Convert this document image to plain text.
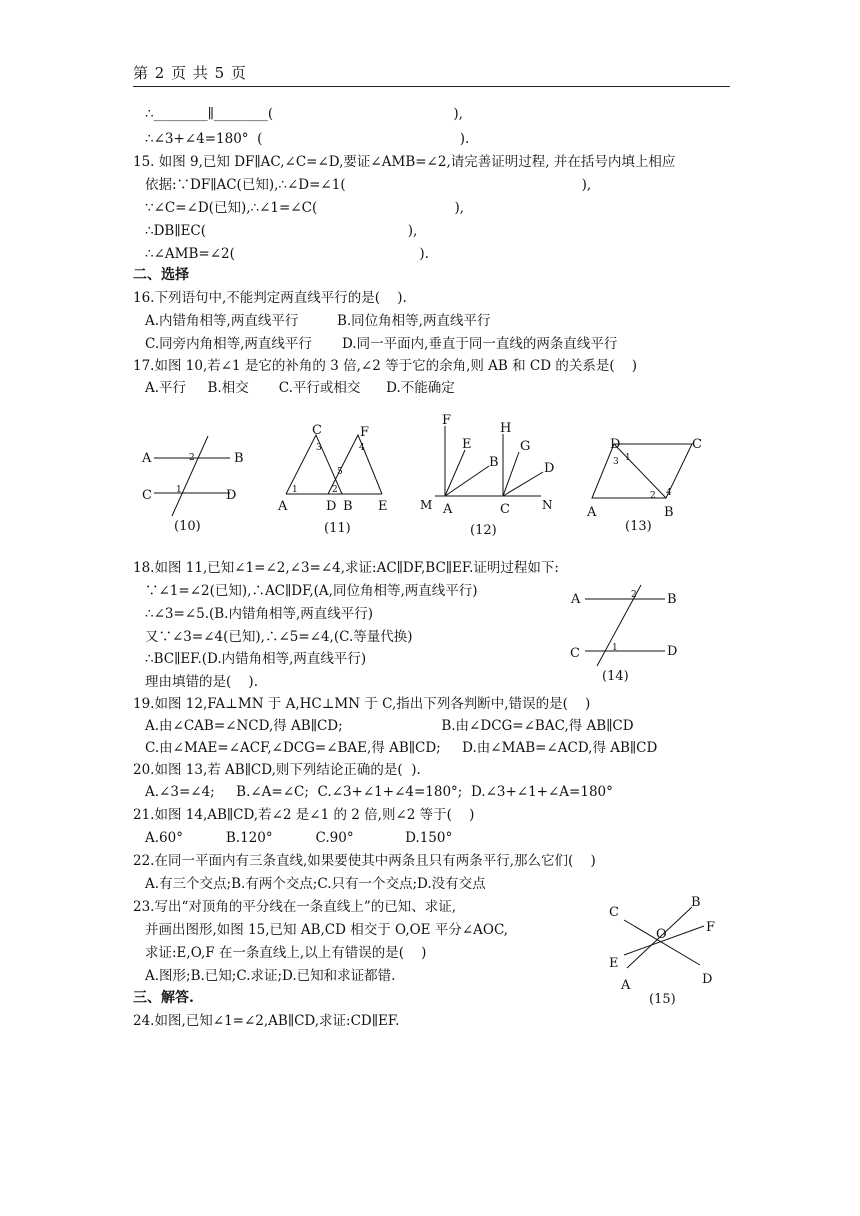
第 2 页 共 5 页
∴________∥________(                                          ),
∴∠3+∠4=180°  (                                              ).
15. 如图 9,已知 DF∥AC,∠C=∠D,要证∠AMB=∠2,请完善证明过程, 并在括号内填上相应
依据:∵DF∥AC(已知),∴∠D=∠1(                                                       ),
∵∠C=∠D(已知),∴∠1=∠C(                                ),
∴DB∥EC(                                               ),
∴∠AMB=∠2(                                           ).
二、选择
16.下列语句中,不能判定两直线平行的是(    ).
A.内错角相等,两直线平行         B.同位角相等,两直线平行
C.同旁内角相等,两直线平行       D.同一平面内,垂直于同一直线的两条直线平行
17.如图 10,若∠1 是它的补角的 3 倍,∠2 等于它的余角,则 AB 和 CD 的关系是(    )
A.平行     B.相交       C.平行或相交      D.不能确定
A	B
C	D
1
2
(10)
A
C
D B
F
E
1	2
3	4
5
(11)
F
E
H
G
B	D
M A	C	N
(12)
D	C
A	B
1
2
3
4
(13)
18.如图 11,已知∠1=∠2,∠3=∠4,求证:AC∥DF,BC∥EF.证明过程如下:
∵∠1=∠2(已知),∴AC∥DF,(A,同位角相等,两直线平行)
∴∠3=∠5.(B.内错角相等,两直线平行)
又∵∠3=∠4(已知),∴∠5=∠4,(C.等量代换)
∴BC∥EF.(D.内错角相等,两直线平行)
理由填错的是(    ).
A	B
C	D
1
2
(14)
19.如图 12,FA⊥MN 于 A,HC⊥MN 于 C,指出下列各判断中,错误的是(    )
A.由∠CAB=∠NCD,得 AB∥CD;                       B.由∠DCG=∠BAC,得 AB∥CD
C.由∠MAE=∠ACF,∠DCG=∠BAE,得 AB∥CD;     D.由∠MAB=∠ACD,得 AB∥CD
20.如图 13,若 AB∥CD,则下列结论正确的是(  ).
A.∠3=∠4;     B.∠A=∠C;  C.∠3+∠1+∠4=180°;  D.∠3+∠1+∠A=180°
21.如图 14,AB∥CD,若∠2 是∠1 的 2 倍,则∠2 等于(    )
A.60°          B.120°          C.90°            D.150°
22.在同一平面内有三条直线,如果要使其中两条且只有两条平行,那么它们(    )
A.有三个交点;B.有两个交点;C.只有一个交点;D.没有交点
23.写出“对顶角的平分线在一条直线上”的已知、求证,
并画出图形,如图 15,已知 AB,CD 相交于 O,OE 平分∠AOC,
求证:E,O,F 在一条直线上,以上有错误的是(    )
A.图形;B.已知;C.求证;D.已知和求证都错.
C
B
F
E
O
D
A
(15)
三、解答.
24.如图,已知∠1=∠2,AB∥CD,求证:CD∥EF.
